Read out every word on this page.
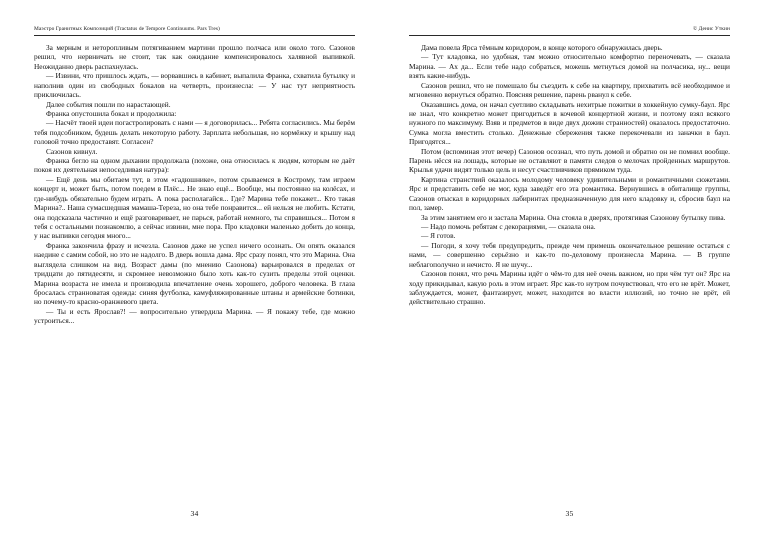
Маэстро Гранитных Композиций (Tractatus de Tempore Continuums. Pars Tres)

За мерным и неторопливым потягиванием мартини прошло полчаса или около того. Сазонов решил, что нервничать не стоит, так как ожидание компенсировалось халявной выпивкой. Неожиданно дверь распахнулась.

— Извини, что пришлось ждать, — ворвавшись в кабинет, выпалила Франка, схватила бутылку и наполнив один из свободных бокалов на четверть, произнесла: — У нас тут неприятность приключилась.

Далее события пошли по нарастающей.

Франка опустошила бокал и продолжила:

— Насчёт твоей идеи погастролировать с нами — я договорилась... Ребята согласились. Мы берём тебя подсобником, будешь делать некоторую работу. Зарплата небольшая, но кормёжку и крышу над головой точно предоставят. Согласен?

Сазонов кивнул.

Франка бегло на одном дыхании продолжала (похоже, она относилась к людям, которым не даёт покоя их деятельная непоседливая натура):

— Ещё день мы обитаем тут, в этом «гадюшнике», потом срываемся в Кострому, там играем концерт и, может быть, потом поедем в Плёс... Не знаю ещё... Вообще, мы постоянно на колёсах, и где-нибудь обязательно будем играть. А пока располагайся... Где? Марина тебе покажет... Кто такая Марина?.. Наша сумасшедшая мамаша-Тереза, но она тебе понравится... ей нельзя не любить. Кстати, она подсказала частично и ещё разговаривает, не парься, работай немного, ты справишься... Потом я тебя с остальными познакомлю, а сейчас извини, мне пора. Про кладовки маленько добить до конца, у нас выпивки сегодня много...

Франка закончила фразу и исчезла. Сазонов даже не успел ничего осознать. Он опять оказался наедине с самим собой, но это не надолго. В дверь вошла дама. Ярс сразу понял, что это Марина. Она выглядела слишком на вид. Возраст дамы (по мнению Сазонова) варьировался в пределах от тридцати до пятидесяти, и скромнее невозможно было хоть как-то сузить пределы этой оценки. Марина возраста не имела и производила впечатление очень хорошего, доброго человека. В глаза бросалась странноватая одежда: синяя футболка, камуфляжированные штаны и армейские ботинки, но почему-то красно-оранжевого цвета.

— Ты и есть Ярослав?! — вопросительно утвердила Марина. — Я покажу тебе, где можно устроиться...

34
© Денис Уткин

Дама повела Ярса тёмным коридором, в конце которого обнаружилась дверь.

— Тут кладовка, но удобная, там можно относительно комфортно переночевать, — сказала Марина. — Ах да... Если тебе надо собраться, можешь метнуться домой на полчасика, ну... вещи взять какие-нибудь.

Сазонов решил, что не помешало бы съездить к себе на квартиру, прихватить всё необходимое и мгновенно вернуться обратно. Поясняя решение, парень рванул к себе.

Оказавшись дома, он начал суетливо складывать нехитрые пожитки в хоккейную сумку-баул. Ярс не знал, что конкретно может пригодиться в кочевой концертной жизни, и поэтому взял всякого нужного по максимуму. Взяв и предметов в виде двух дюжин странностей) оказалось предостаточно. Сумка могла вместить столько. Денежные сбережения также перекочевали из заначки в баул. Пригодятся...

Потом (вспоминая этот вечер) Сазонов осознал, что путь домой и обратно он не помнил вообще. Парень нёсся на лошадь, которые не оставляют в памяти следов о мелочах пройденных маршрутов. Крылья удачи видят только цель и несут счастливчиков прямиком туда.

Картина странствий оказалось молодому человеку удивительными и романтичными сюжетами. Ярс и представить себе не мог, куда заведёт его эта романтика. Вернувшись в обиталище группы, Сазонов отыскал в коридорных лабиринтах предназначенную для него кладовку и, сбросив баул на пол, замер.

За этим занятием его и застала Марина. Она стояла в дверях, протягивая Сазонову бутылку пива.

— Надо помочь ребятам с декорациями, — сказала она.

— Я готов.

— Погоди, я хочу тебя предупредить, прежде чем примешь окончательное решение остаться с нами, — совершенно серьёзно и как-то по-деловому произнесла Марина. — В группе неблагополучно и нечисто. Я не шучу...

Сазонов понял, что речь Марины идёт о чём-то для неё очень важном, но при чём тут он? Ярс на ходу прикидывал, какую роль в этом играет. Ярс как-то нутром почувствовал, что его не врёт. Может, заблуждается, может, фантазирует, может, находится во власти иллюзий, но точно не врёт, ей действительно страшно.

35
